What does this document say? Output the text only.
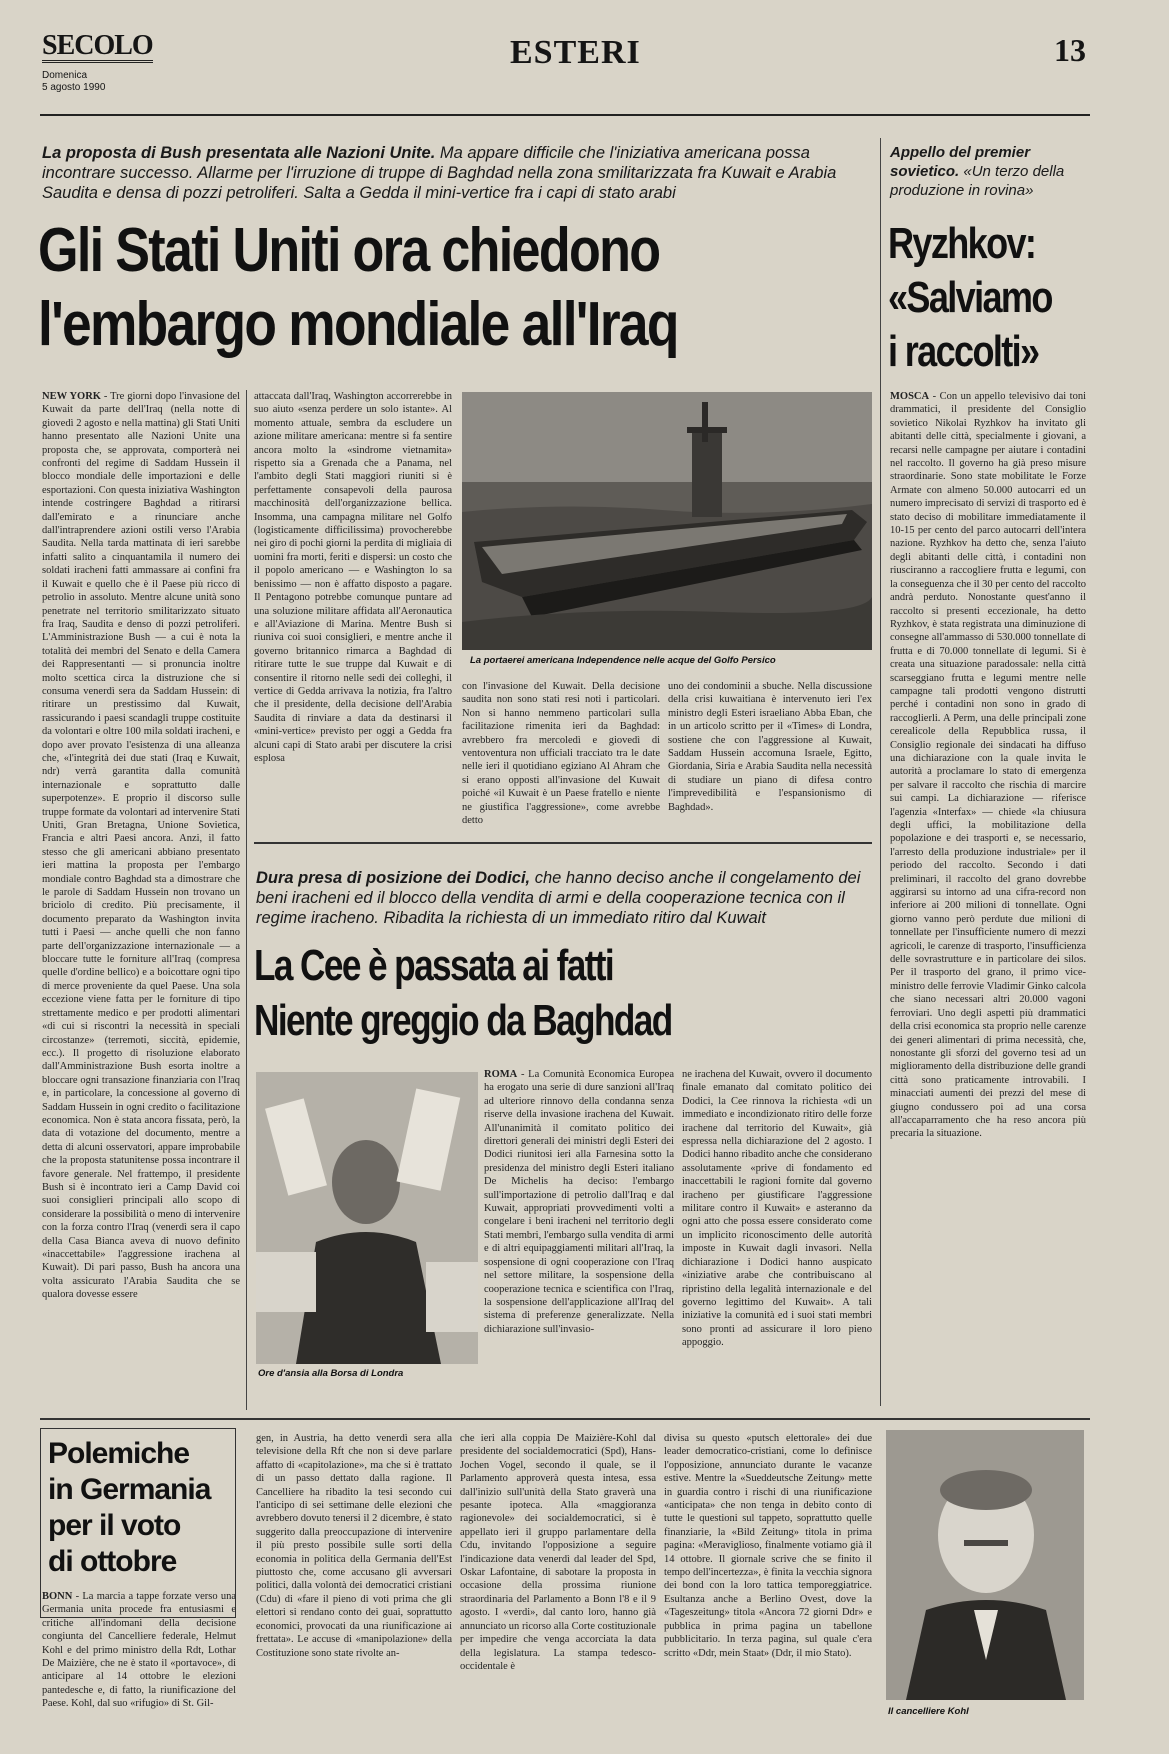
SECOLO
Domenica
5 agosto 1990
ESTERI	13
La proposta di Bush presentata alle Nazioni Unite. Ma appare difficile che l'iniziativa americana possa incontrare successo. Allarme per l'irruzione di truppe di Baghdad nella zona smilitarizzata fra Kuwait e Arabia Saudita e densa di pozzi petroliferi. Salta a Gedda il mini-vertice fra i capi di stato arabi
Gli Stati Uniti ora chiedono
l'embargo mondiale all'Iraq
NEW YORK - Tre giorni dopo l'invasione del Kuwait da parte dell'Iraq (nella notte di giovedì 2 agosto e nella mattina) gli Stati Uniti hanno presentato alle Nazioni Unite una proposta che, se approvata, comporterà nei confronti del regime di Saddam Hussein il blocco mondiale delle importazioni e delle esportazioni. Con questa iniziativa Washington intende costringere Baghdad a ritirarsi dall'emirato e a rinunciare anche dall'intraprendere azioni ostili verso l'Arabia Saudita. Nella tarda mattinata di ieri sarebbe infatti salito a cinquantamila il numero dei soldati iracheni fatti ammassare ai confini fra il Kuwait e quello che è il Paese più ricco di petrolio in assoluto. Mentre alcune unità sono penetrate nel territorio smilitarizzato situato fra Iraq, Saudita e denso di pozzi petroliferi. L'Amministrazione Bush — a cui è nota la totalità dei membri del Senato e della Camera dei Rappresentanti — si pronuncia inoltre molto scettica circa la distruzione che si consuma venerdì sera da Saddam Hussein: di ritirare un prestissimo dal Kuwait, rassicurando i paesi scandagli truppe costituite da volontari e oltre 100 mila soldati iracheni, e dopo aver provato l'esistenza di una alleanza che, «l'integrità dei due stati (Iraq e Kuwait, ndr) verrà garantita dalla comunità internazionale e soprattutto dalle superpotenze». E proprio il discorso sulle truppe formate da volontari ad intervenire Stati Uniti, Gran Bretagna, Unione Sovietica, Francia e altri Paesi ancora. Anzi, il fatto stesso che gli americani abbiano presentato ieri mattina la proposta per l'embargo mondiale contro Baghdad sta a dimostrare che le parole di Saddam Hussein non trovano un briciolo di credito. Più precisamente, il documento preparato da Washington invita tutti i Paesi — anche quelli che non fanno parte dell'organizzazione internazionale — a bloccare tutte le forniture all'Iraq (compresa quelle d'ordine bellico) e a boicottare ogni tipo di merce proveniente da quel Paese. Una sola eccezione viene fatta per le forniture di tipo strettamente medico e per prodotti alimentari «di cui si riscontri la necessità in speciali circostanze» (terremoti, siccità, epidemie, ecc.). Il progetto di risoluzione elaborato dall'Amministrazione Bush esorta inoltre a bloccare ogni transazione finanziaria con l'Iraq e, in particolare, la concessione al governo di Saddam Hussein in ogni credito o facilitazione economica. Non è stata ancora fissata, però, la data di votazione del documento, mentre a detta di alcuni osservatori, appare improbabile che la proposta statunitense possa incontrare il favore generale. Nel frattempo, il presidente Bush si è incontrato ieri a Camp David coi suoi consiglieri principali allo scopo di considerare la possibilità o meno di intervenire con la forza contro l'Iraq (venerdì sera il capo della Casa Bianca aveva di nuovo definito «inaccettabile» l'aggressione irachena al Kuwait). Di pari passo, Bush ha ancora una volta assicurato l'Arabia Saudita che se qualora dovesse essere
attaccata dall'Iraq, Washington accorrerebbe in suo aiuto «senza perdere un solo istante». Al momento attuale, sembra da escludere un azione militare americana: mentre si fa sentire ancora molto la «sindrome vietnamita» rispetto sia a Grenada che a Panama, nel l'ambito degli Stati maggiori riuniti si è perfettamente consapevoli della paurosa macchinosità dell'organizzazione bellica. Insomma, una campagna militare nel Golfo (logisticamente difficilissima) provocherebbe nei giro di pochi giorni la perdita di migliaia di uomini fra morti, feriti e dispersi: un costo che il popolo americano — e Washington lo sa benissimo — non è affatto disposto a pagare. Il Pentagono potrebbe comunque puntare ad una soluzione militare affidata all'Aeronautica e all'Aviazione di Marina. Mentre Bush si riuniva coi suoi consiglieri, e mentre anche il governo britannico rimarca a Baghdad di ritirare tutte le sue truppe dal Kuwait e di consentire il ritorno nelle sedi dei colleghi, il vertice di Gedda arrivava la notizia, fra l'altro che il presidente, della decisione dell'Arabia Saudita di rinviare a data da destinarsi il «mini-vertice» previsto per oggi a Gedda fra alcuni capi di Stato arabi per discutere la crisi esplosa
La portaerei americana Independence nelle acque del Golfo Persico
con l'invasione del Kuwait. Della decisione saudita non sono stati resi noti i particolari. Non si hanno nemmeno particolari sulla facilitazione rimenita ieri da Baghdad: avrebbero fra mercoledì e giovedì di ventoventura non ufficiali tracciato tra le date nelle ieri il quotidiano egiziano Al Ahram che si erano opposti all'invasione del Kuwait poiché «il Kuwait è un Paese fratello e niente ne giustifica l'aggressione», come avrebbe detto
uno dei condominii a sbuche. Nella discussione della crisi kuwaitiana è intervenuto ieri l'ex ministro degli Esteri israeliano Abba Eban, che in un articolo scritto per il «Times» di Londra, sostiene che con l'aggressione al Kuwait, Saddam Hussein accomuna Israele, Egitto, Giordania, Siria e Arabia Saudita nella necessità di studiare un piano di difesa contro l'imprevedibilità e l'espansionismo di Baghdad».
Dura presa di posizione dei Dodici, che hanno deciso anche il congelamento dei beni iracheni ed il blocco della vendita di armi e della cooperazione tecnica con il regime iracheno. Ribadita la richiesta di un immediato ritiro dal Kuwait
La Cee è passata ai fatti
Niente greggio da Baghdad
Ore d'ansia alla Borsa di Londra
ROMA - La Comunità Economica Europea ha erogato una serie di dure sanzioni all'Iraq ad ulteriore rinnovo della condanna senza riserve della invasione irachena del Kuwait. All'unanimità il comitato politico dei direttori generali dei ministri degli Esteri dei Dodici riunitosi ieri alla Farnesina sotto la presidenza del ministro degli Esteri italiano De Michelis ha deciso: l'embargo sull'importazione di petrolio dall'Iraq e dal Kuwait, appropriati provvedimenti volti a congelare i beni iracheni nel territorio degli Stati membri, l'embargo sulla vendita di armi e di altri equipaggiamenti militari all'Iraq, la sospensione di ogni cooperazione con l'Iraq nel settore militare, la sospensione della cooperazione tecnica e scientifica con l'Iraq, la sospensione dell'applicazione all'Iraq del sistema di preferenze generalizzate. Nella dichiarazione sull'invasio-
ne irachena del Kuwait, ovvero il documento finale emanato dal comitato politico dei Dodici, la Cee rinnova la richiesta «di un immediato e incondizionato ritiro delle forze irachene dal territorio del Kuwait», già espressa nella dichiarazione del 2 agosto. I Dodici hanno ribadito anche che considerano assolutamente «prive di fondamento ed inaccettabili le ragioni fornite dal governo iracheno per giustificare l'aggressione militare contro il Kuwait» e asteranno da ogni atto che possa essere considerato come un implicito riconoscimento delle autorità imposte in Kuwait dagli invasori. Nella dichiarazione i Dodici hanno auspicato «iniziative arabe che contribuiscano al ripristino della legalità internazionale e del governo legittimo del Kuwait». A tali iniziative la comunità ed i suoi stati membri sono pronti ad assicurare il loro pieno appoggio.
Appello del premier sovietico. «Un terzo della produzione in rovina»
Ryzhkov:
«Salviamo
i raccolti»
MOSCA - Con un appello televisivo dai toni drammatici, il presidente del Consiglio sovietico Nikolai Ryzhkov ha invitato gli abitanti delle città, specialmente i giovani, a recarsi nelle campagne per aiutare i contadini nel raccolto. Il governo ha già preso misure straordinarie. Sono state mobilitate le Forze Armate con almeno 50.000 autocarri ed un numero imprecisato di servizi di trasporto ed è stato deciso di mobilitare immediatamente il 10-15 per cento del parco autocarri dell'intera nazione. Ryzhkov ha detto che, senza l'aiuto degli abitanti delle città, i contadini non riusciranno a raccogliere frutta e legumi, con la conseguenza che il 30 per cento del raccolto andrà perduto. Nonostante quest'anno il raccolto si presenti eccezionale, ha detto Ryzhkov, è stata registrata una diminuzione di consegne all'ammasso di 530.000 tonnellate di frutta e di 70.000 tonnellate di legumi. Si è creata una situazione paradossale: nella città scarseggiano frutta e legumi mentre nelle campagne tali prodotti vengono distrutti perché i contadini non sono in grado di raccoglierli. A Perm, una delle principali zone cerealicole della Repubblica russa, il Consiglio regionale dei sindacati ha diffuso una dichiarazione con la quale invita le autorità a proclamare lo stato di emergenza per salvare il raccolto che rischia di marcire sui campi. La dichiarazione — riferisce l'agenzia «Interfax» — chiede «la chiusura degli uffici, la mobilitazione della popolazione e dei trasporti e, se necessario, l'arresto della produzione industriale» per il periodo del raccolto. Secondo i dati preliminari, il raccolto del grano dovrebbe aggirarsi su intorno ad una cifra-record non inferiore ai 200 milioni di tonnellate. Ogni giorno vanno però perdute due milioni di tonnellate per l'insufficiente numero di mezzi agricoli, le carenze di trasporto, l'insufficienza delle sovrastrutture e in particolare dei silos. Per il trasporto del grano, il primo vice-ministro delle ferrovie Vladimir Ginko calcola che siano necessari altri 20.000 vagoni ferroviari. Uno degli aspetti più drammatici della crisi economica sta proprio nelle carenze dei generi alimentari di prima necessità, che, nonostante gli sforzi del governo tesi ad un miglioramento della distribuzione delle grandi città sono praticamente introvabili. I minacciati aumenti dei prezzi del mese di giugno condussero poi ad una corsa all'accaparramento che ha reso ancora più precaria la situazione.
Polemiche
in Germania
per il voto
di ottobre
BONN - La marcia a tappe forzate verso una Germania unita procede fra entusiasmi e critiche all'indomani della decisione congiunta del Cancelliere federale, Helmut Kohl e del primo ministro della Rdt, Lothar De Maizière, che ne è stato il «portavoce», di anticipare al 14 ottobre le elezioni pantedesche e, di fatto, la riunificazione del Paese. Kohl, dal suo «rifugio» di St. Gil-
gen, in Austria, ha detto venerdì sera alla televisione della Rft che non si deve parlare affatto di «capitolazione», ma che si è trattato di un passo dettato dalla ragione. Il Cancelliere ha ribadito la tesi secondo cui l'anticipo di sei settimane delle elezioni che avrebbero dovuto tenersi il 2 dicembre, è stato suggerito dalla preoccupazione di intervenire il più presto possibile sulle sorti della economia in politica della Germania dell'Est piuttosto che, come accusano gli avversari politici, dalla volontà dei democratici cristiani (Cdu) di «fare il pieno di voti prima che gli elettori si rendano conto dei guai, soprattutto economici, provocati da una riunificazione ai frettata». Le accuse di «manipolazione» della Costituzione sono state rivolte an-
che ieri alla coppia De Maizière-Kohl dal presidente del socialdemocratici (Spd), Hans-Jochen Vogel, secondo il quale, se il Parlamento approverà questa intesa, essa dall'inizio sull'unità della Stato graverà una pesante ipoteca. Alla «maggioranza ragionevole» dei socialdemocratici, si è appellato ieri il gruppo parlamentare della Cdu, invitando l'opposizione a seguire l'indicazione data venerdì dal leader del Spd, Oskar Lafontaine, di sabotare la proposta in occasione della prossima riunione straordinaria del Parlamento a Bonn l'8 e il 9 agosto. I «verdi», dal canto loro, hanno già annunciato un ricorso alla Corte costituzionale per impedire che venga accorciata la data della legislatura. La stampa tedesco-occidentale è
divisa su questo «putsch elettorale» dei due leader democratico-cristiani, come lo definisce l'opposizione, annunciato durante le vacanze estive. Mentre la «Sueddeutsche Zeitung» mette in guardia contro i rischi di una riunificazione «anticipata» che non tenga in debito conto di tutte le questioni sul tappeto, soprattutto quelle finanziarie, la «Bild Zeitung» titola in prima pagina: «Meraviglioso, finalmente votiamo già il 14 ottobre. Il giornale scrive che se finito il tempo dell'incertezza», è finita la vecchia signora dei bond con la loro tattica temporeggiatrice. Esultanza anche a Berlino Ovest, dove la «Tageszeitung» titola «Ancora 72 giorni Ddr» e pubblica in prima pagina un tabellone pubblicitario. In terza pagina, sul quale c'era scritto «Ddr, mein Staat» (Ddr, il mio Stato).
Il cancelliere Kohl
